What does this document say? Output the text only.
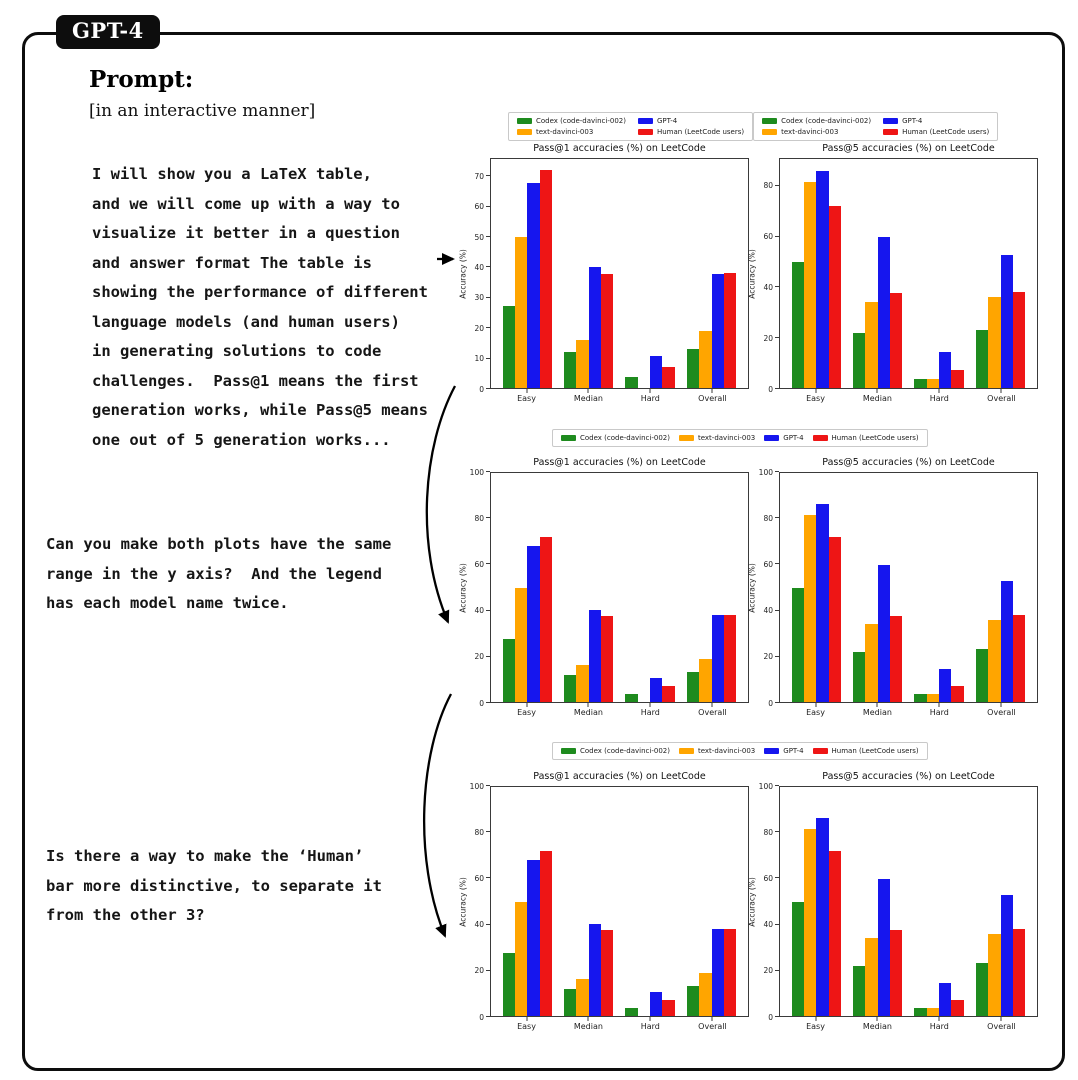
GPT-4
Prompt:
[in an interactive manner]
I will show you a LaTeX table,
and we will come up with a way to
visualize it better in a question
and answer format The table is
showing the performance of different
language models (and human users)
in generating solutions to code
challenges.  Pass@1 means the first
generation works, while Pass@5 means
one out of 5 generation works...
Can you make both plots have the same
range in the y axis?  And the legend
has each model name twice.
Is there a way to make the ‘Human’
bar more distinctive, to separate it
from the other 3?
Pass@1 accuracies (%) on LeetCode
Accuracy (%)
0
10
20
30
40
50
60
70
Easy	Median	Hard	Overall
Pass@5 accuracies (%) on LeetCode
Accuracy (%)
0
20
40
60
80
Easy	Median	Hard	Overall
Pass@1 accuracies (%) on LeetCode
Accuracy (%)
0
20
40
60
80
100
Easy	Median	Hard	Overall
Pass@5 accuracies (%) on LeetCode
Accuracy (%)
0
20
40
60
80
100
Easy	Median	Hard	Overall
Pass@1 accuracies (%) on LeetCode
Accuracy (%)
0
20
40
60
80
100
Easy	Median	Hard	Overall
Pass@5 accuracies (%) on LeetCode
Accuracy (%)
0
20
40
60
80
100
Easy	Median	Hard	Overall
Codex (code-davinci-002)	GPT-4
text-davinci-003	Human (LeetCode users)
Codex (code-davinci-002)	GPT-4
text-davinci-003	Human (LeetCode users)
Codex (code-davinci-002)	text-davinci-003	GPT-4	Human (LeetCode users)
Codex (code-davinci-002)	text-davinci-003	GPT-4	Human (LeetCode users)
